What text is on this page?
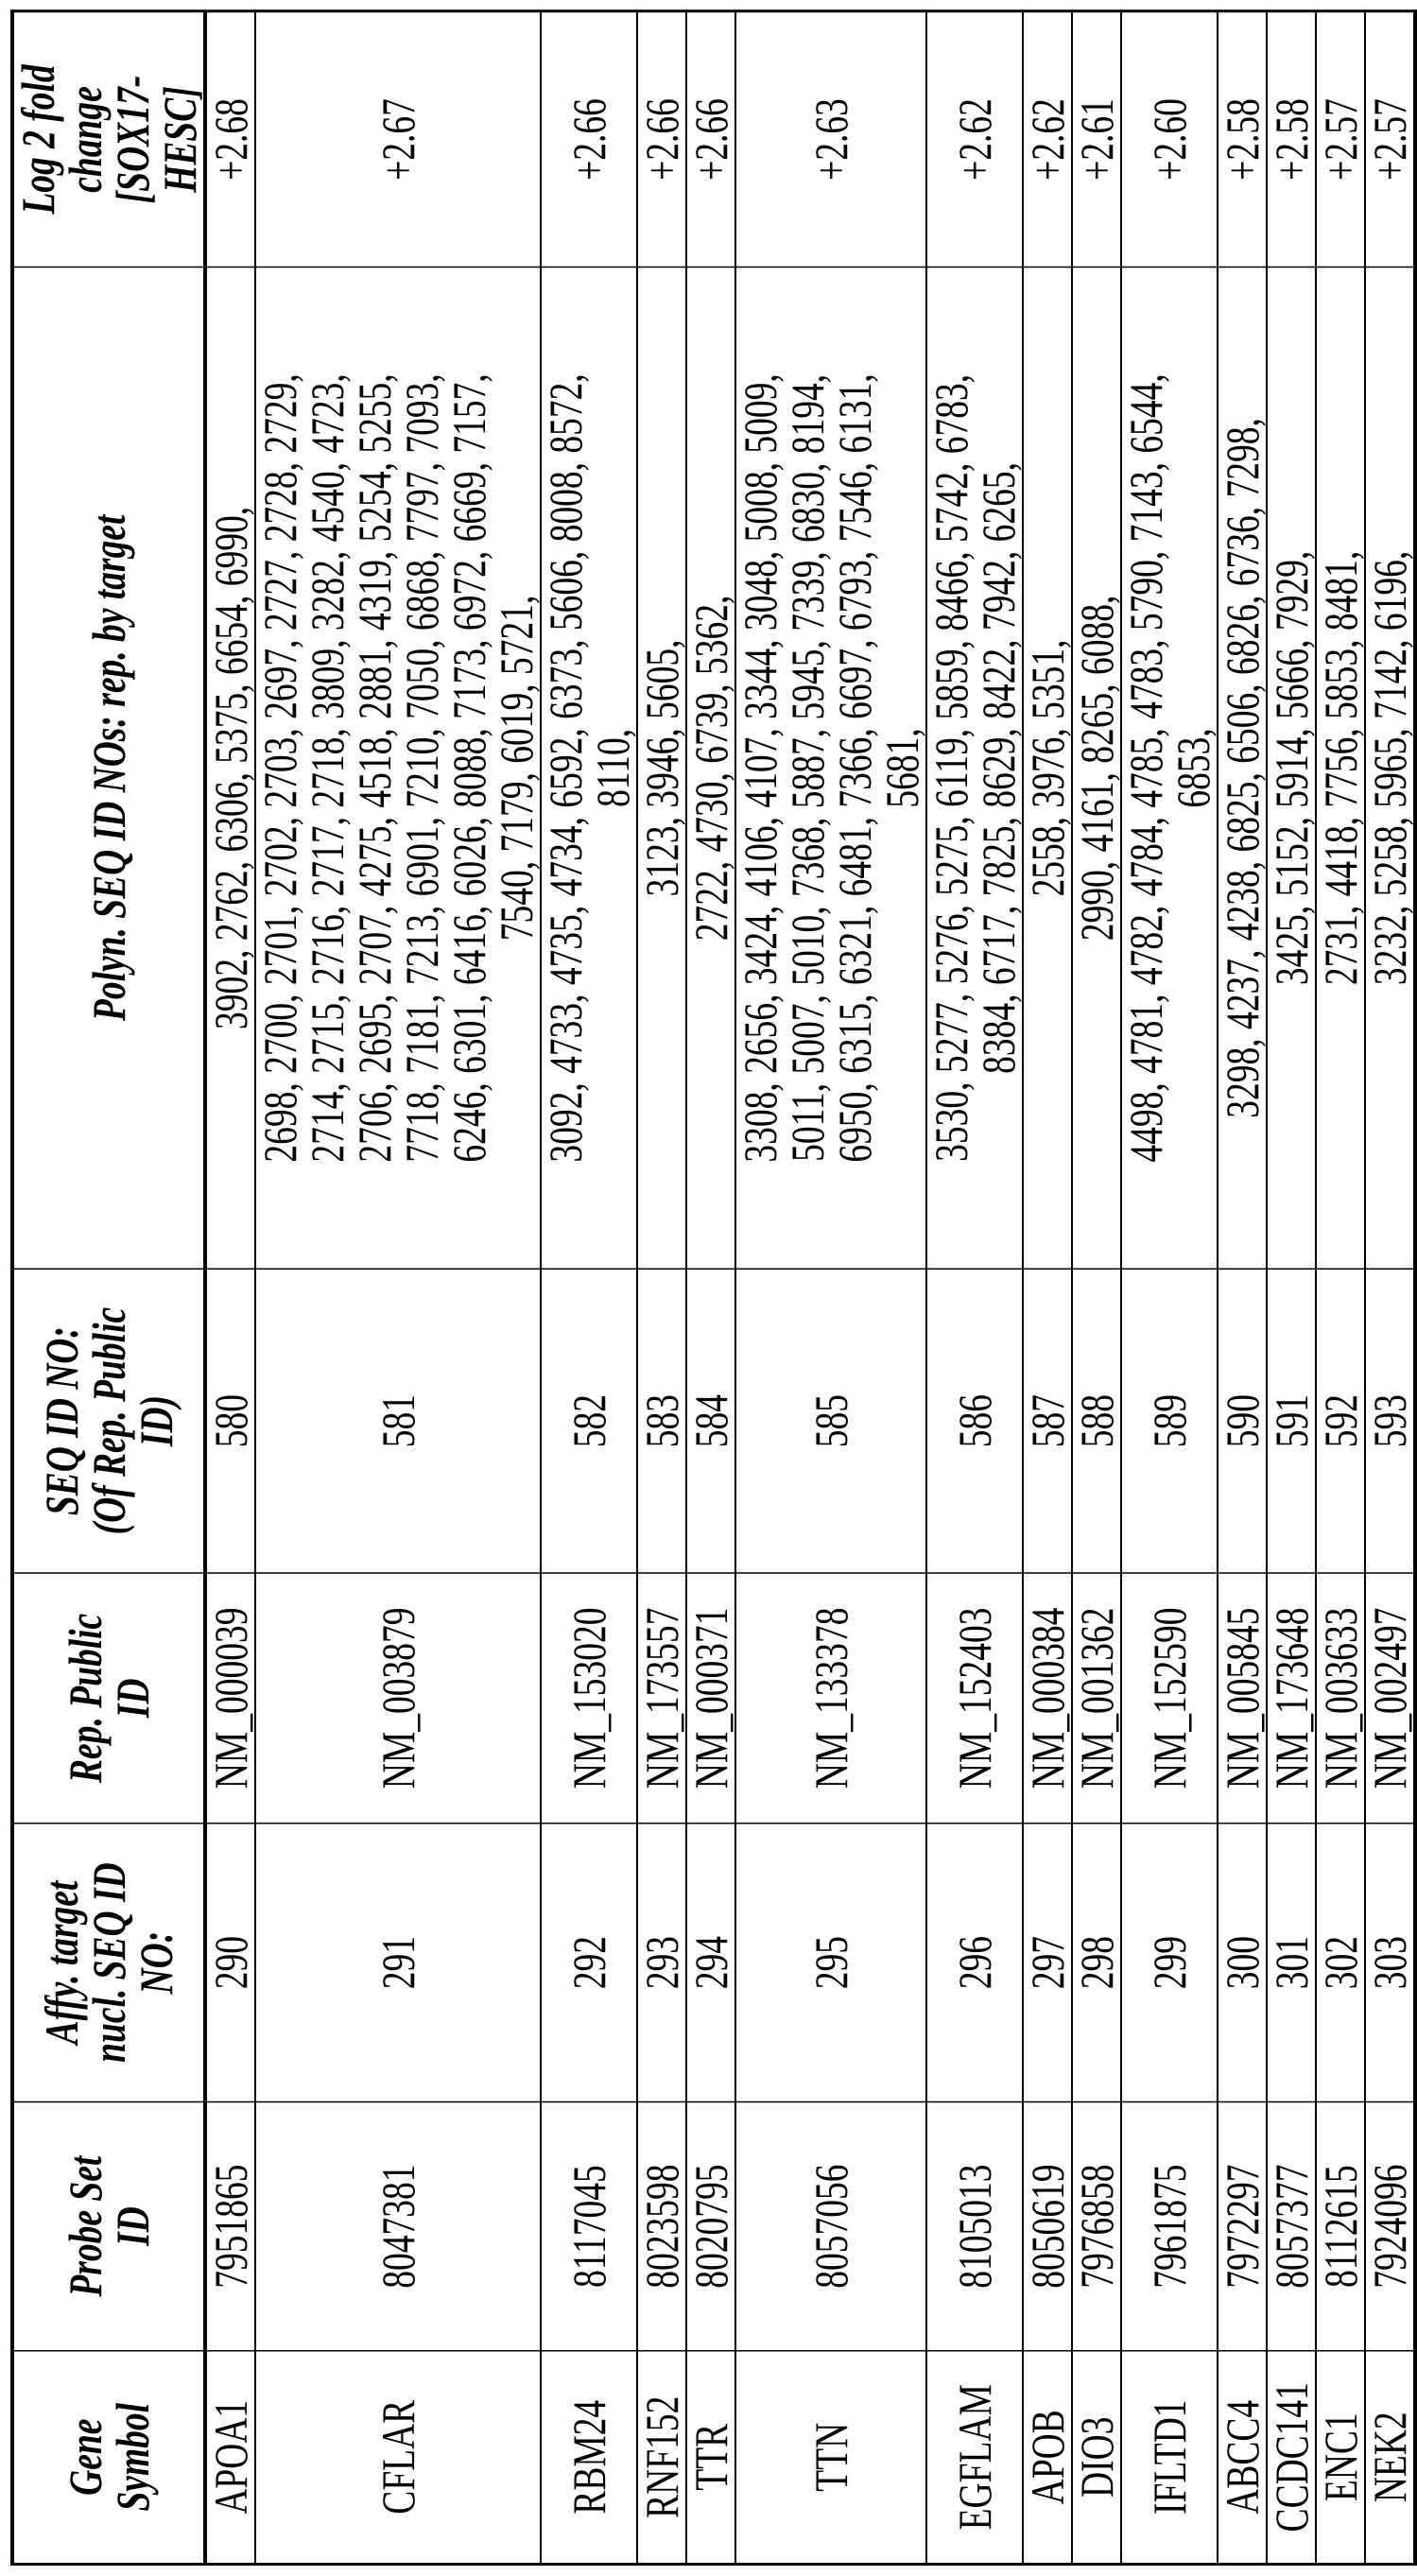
Gene
Symbol

Probe Set
ID

Affy. target
nucl. SEQ ID
NO:

Rep. Public
ID

SEQ ID NO:
(Of Rep. Public
ID)

Polyn. SEQ ID NOs: rep. by target

Log 2 fold
change
[SOX17-
HESC]

APOA1	7951865	290	NM_000039	580	
3902, 2762, 6306, 5375, 6654, 6990,
	+2.68
CFLAR	8047381	291	NM_003879	581	
2698, 2700, 2701, 2702, 2703, 2697, 2727, 2728, 2729,
2714, 2715, 2716, 2717, 2718, 3809, 3282, 4540, 4723,
2706, 2695, 2707, 4275, 4518, 2881, 4319, 5254, 5255,
7718, 7181, 7213, 6901, 7210, 7050, 6868, 7797, 7093,
6246, 6301, 6416, 6026, 8088, 7173, 6972, 6669, 7157,
7540, 7179, 6019, 5721,
	+2.67
RBM24	8117045	292	NM_153020	582	
3092, 4733, 4735, 4734, 6592, 6373, 5606, 8008, 8572,
8110,
	+2.66
RNF152	8023598	293	NM_173557	583	
3123, 3946, 5605,
	+2.66
TTR	8020795	294	NM_000371	584	
2722, 4730, 6739, 5362,
	+2.66
TTN	8057056	295	NM_133378	585	
3308, 2656, 3424, 4106, 4107, 3344, 3048, 5008, 5009,
5011, 5007, 5010, 7368, 5887, 5945, 7339, 6830, 8194,
6950, 6315, 6321, 6481, 7366, 6697, 6793, 7546, 6131,
5681,
	+2.63
EGFLAM	8105013	296	NM_152403	586	
3530, 5277, 5276, 5275, 6119, 5859, 8466, 5742, 6783,
8384, 6717, 7825, 8629, 8422, 7942, 6265,
	+2.62
APOB	8050619	297	NM_000384	587	
2558, 3976, 5351,
	+2.62
DIO3	7976858	298	NM_001362	588	
2990, 4161, 8265, 6088,
	+2.61
IFLTD1	7961875	299	NM_152590	589	
4498, 4781, 4782, 4784, 4785, 4783, 5790, 7143, 6544,
6853,
	+2.60
ABCC4	7972297	300	NM_005845	590	
3298, 4237, 4238, 6825, 6506, 6826, 6736, 7298,
	+2.58
CCDC141	8057377	301	NM_173648	591	
3425, 5152, 5914, 5666, 7929,
	+2.58
ENC1	8112615	302	NM_003633	592	
2731, 4418, 7756, 5853, 8481,
	+2.57
NEK2	7924096	303	NM_002497	593	
3232, 5258, 5965, 7142, 6196,
	+2.57
